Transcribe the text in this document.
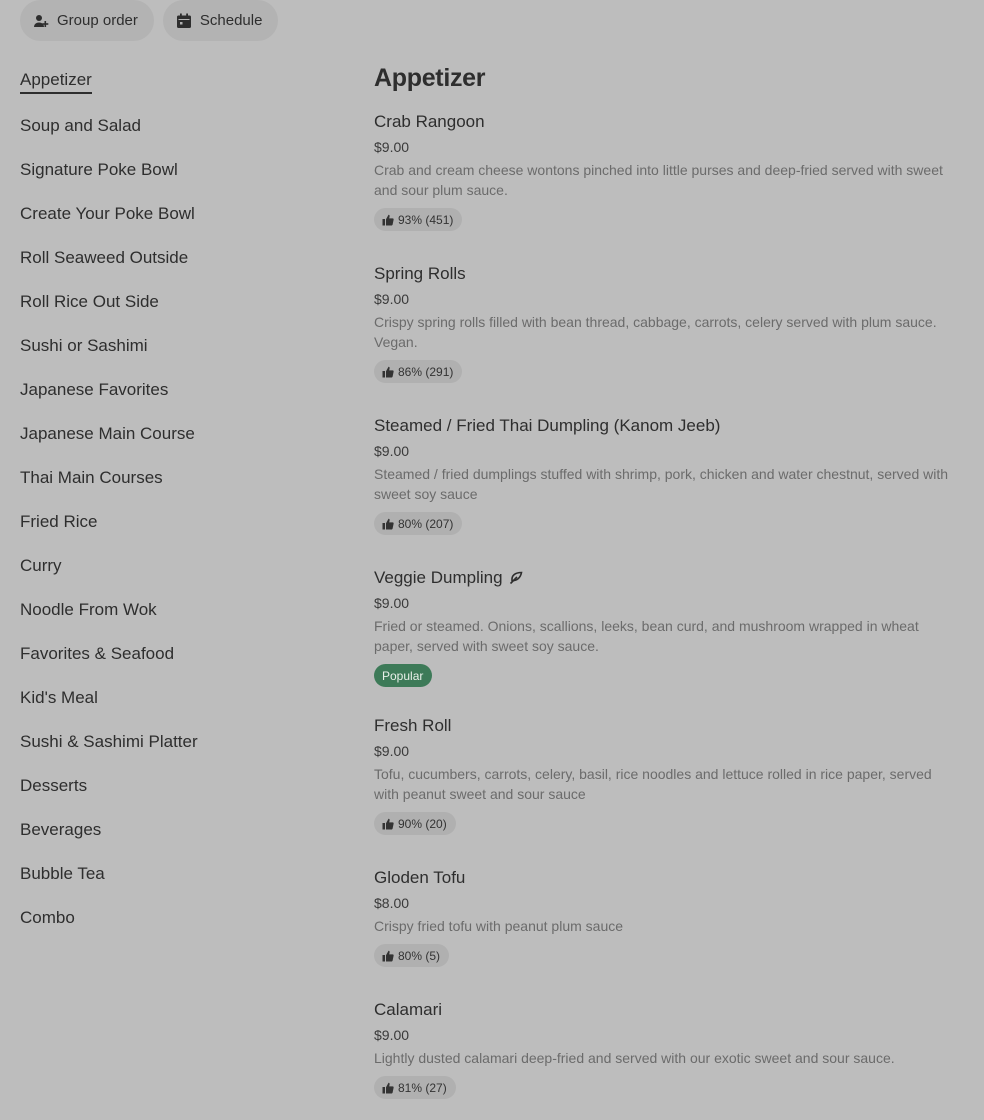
Group order	Schedule
Appetizer
Soup and Salad
Signature Poke Bowl
Create Your Poke Bowl
Roll Seaweed Outside
Roll Rice Out Side
Sushi or Sashimi
Japanese Favorites
Japanese Main Course
Thai Main Courses
Fried Rice
Curry
Noodle From Wok
Favorites & Seafood
Kid's Meal
Sushi & Sashimi Platter
Desserts
Beverages
Bubble Tea
Combo
Appetizer
Crab Rangoon
$9.00
Crab and cream cheese wontons pinched into little purses and deep-fried served with sweet and sour plum sauce.
93% (451)
Spring Rolls
$9.00
Crispy spring rolls filled with bean thread, cabbage, carrots, celery served with plum sauce. Vegan.
86% (291)
Steamed / Fried Thai Dumpling (Kanom Jeeb)
$9.00
Steamed / fried dumplings stuffed with shrimp, pork, chicken and water chestnut, served with sweet soy sauce
80% (207)
Veggie Dumpling
$9.00
Fried or steamed. Onions, scallions, leeks, bean curd, and mushroom wrapped in wheat paper, served with sweet soy sauce.
Popular
Fresh Roll
$9.00
Tofu, cucumbers, carrots, celery, basil, rice noodles and lettuce rolled in rice paper, served with peanut sweet and sour sauce
90% (20)
Gloden Tofu
$8.00
Crispy fried tofu with peanut plum sauce
80% (5)
Calamari
$9.00
Lightly dusted calamari deep-fried and served with our exotic sweet and sour sauce.
81% (27)
